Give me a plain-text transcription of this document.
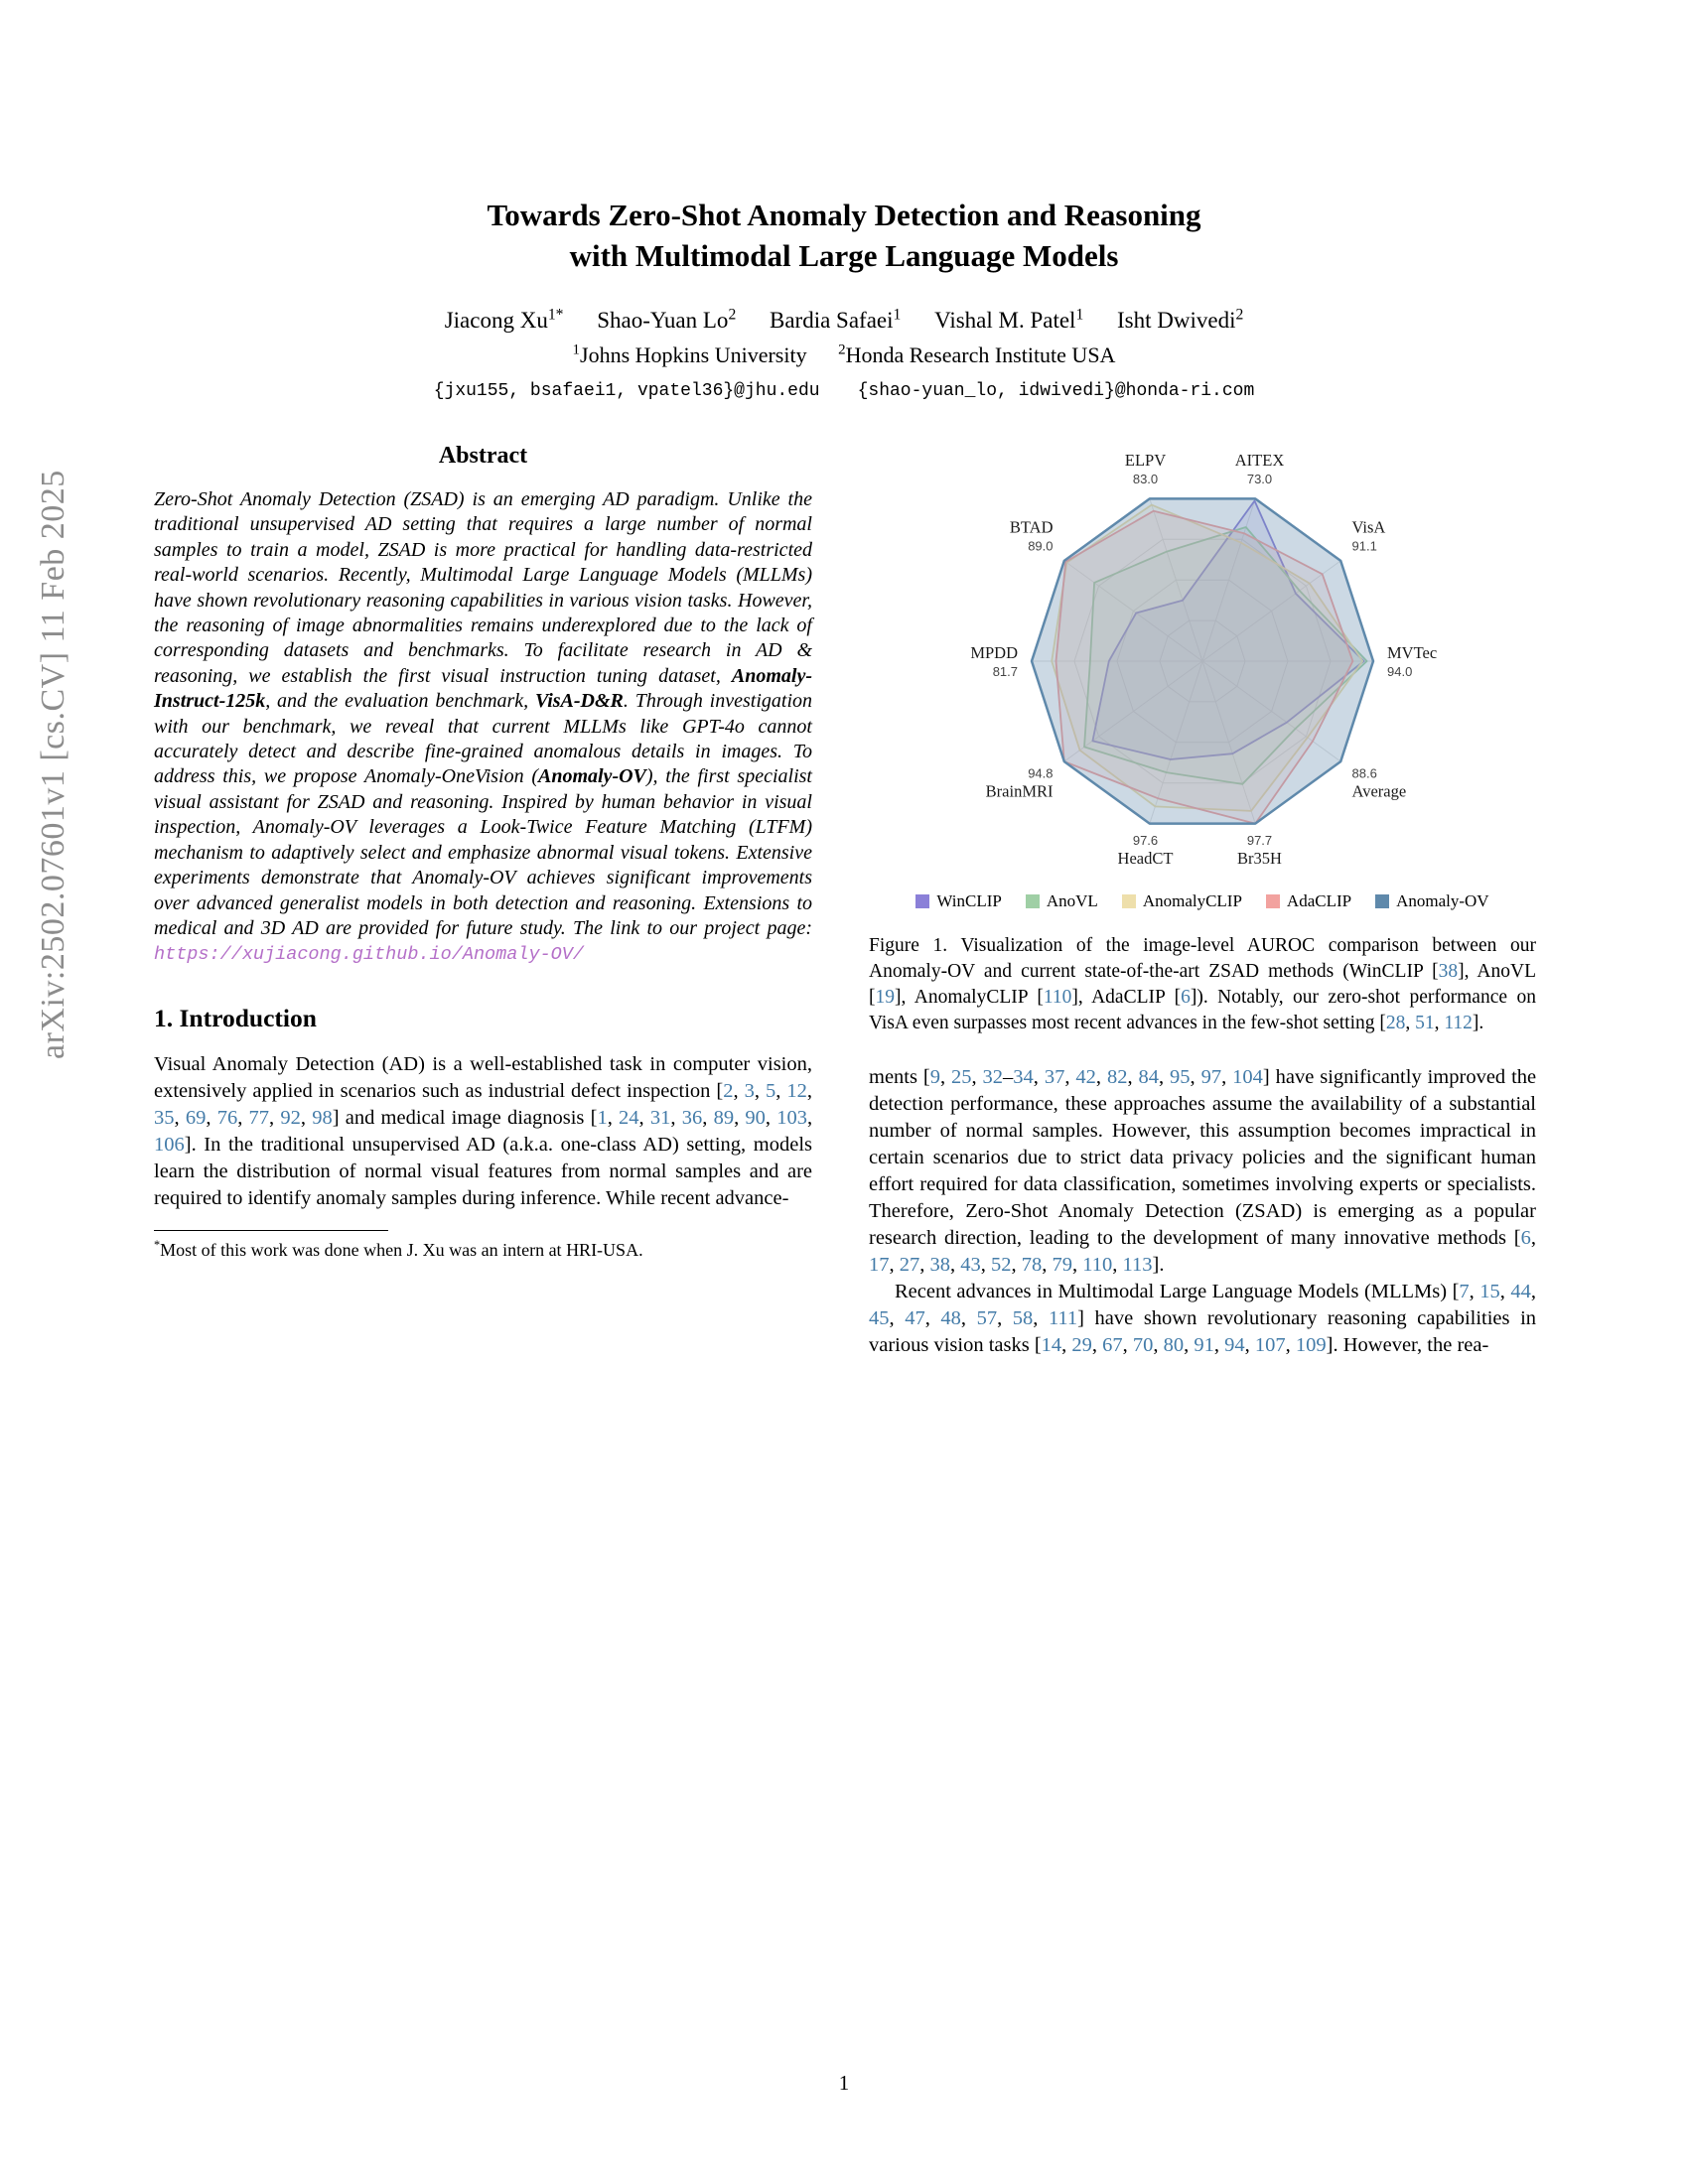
arXiv:2502.07601v1 [cs.CV] 11 Feb 2025
Towards Zero-Shot Anomaly Detection and Reasoning
with Multimodal Large Language Models
Jiacong $Xu^{1*}$ Shao-Yuan Lo$^2$ Bardia Safaei$^1$ Vishal M. Patel$^1$ Isht Dwivedi$^2$
$^1$Johns Hopkins University $^2$Honda Research Institute USA
{jxu155, bsafaei1, vpatel36}@jhu.edu {shao-yuan_lo, idwivedi}@honda-ri.com
Abstract

Zero-Shot Anomaly Detection (ZSAD) is an emerging AD paradigm. Unlike the traditional unsupervised AD setting that requires a large number of normal samples to train a model, ZSAD is more practical for handling data-restricted real-world scenarios. Recently, Multimodal Large Language Models (MLLMs) have shown revolutionary reasoning capabilities in various vision tasks. However, the reasoning of image abnormalities remains underexplored due to the lack of corresponding datasets and benchmarks. To facilitate research in AD & reasoning, we establish the first visual instruction tuning dataset, Anomaly-Instruct-125k, and the evaluation benchmark, VisA-D&R. Through investigation with our benchmark, we reveal that current MLLMs like GPT-4o cannot accurately detect and describe fine-grained anomalous details in images. To address this, we propose Anomaly-OneVision (Anomaly-OV), the first specialist visual assistant for ZSAD and reasoning. Inspired by human behavior in visual inspection, Anomaly-OV leverages a Look-Twice Feature Matching (LTFM) mechanism to adaptively select and emphasize abnormal visual tokens. Extensive experiments demonstrate that Anomaly-OV achieves significant improvements over advanced generalist models in both detection and reasoning. Extensions to medical and 3D AD are provided for future study. The link to our project page: https://xujiacong.github.io/Anomaly-OV/

1. Introduction

Visual Anomaly Detection (AD) is a well-established task in computer vision, extensively applied in scenarios such as industrial defect inspection [2, 3, 5, 12, 35, 69, 76, 77, 92, 98] and medical image diagnosis [1, 24, 31, 36, 89, 90, 103, 106]. In the traditional unsupervised AD (a.k.a. one-class AD) setting, models learn the distribution of normal visual features from normal samples and are required to identify anomaly samples during inference. While recent advance-

*Most of this work was done when J. Xu was an intern at HRI-USA.
AITEX
73.0
VisA
91.1
MVTec
94.0
Average
88.6
Br35H
97.7
HeadCT
97.6
BrainMRI
94.8
MPDD
81.7
BTAD
89.0
ELPV
83.0
WinCLIP	AnoVL	AnomalyCLIP	AdaCLIP	Anomaly-OV
Figure 1. Visualization of the image-level AUROC comparison between our Anomaly-OV and current state-of-the-art ZSAD methods (WinCLIP [38], AnoVL [19], AnomalyCLIP [110], AdaCLIP [6]). Notably, our zero-shot performance on VisA even surpasses most recent advances in the few-shot setting [28, 51, 112].

ments [9, 25, 32–34, 37, 42, 82, 84, 95, 97, 104] have significantly improved the detection performance, these approaches assume the availability of a substantial number of normal samples. However, this assumption becomes impractical in certain scenarios due to strict data privacy policies and the significant human effort required for data classification, sometimes involving experts or specialists. Therefore, Zero-Shot Anomaly Detection (ZSAD) is emerging as a popular research direction, leading to the development of many innovative methods [6, 17, 27, 38, 43, 52, 78, 79, 110, 113].

Recent advances in Multimodal Large Language Models (MLLMs) [7, 15, 44, 45, 47, 48, 57, 58, 111] have shown revolutionary reasoning capabilities in various vision tasks [14, 29, 67, 70, 80, 91, 94, 107, 109]. However, the rea-

1
